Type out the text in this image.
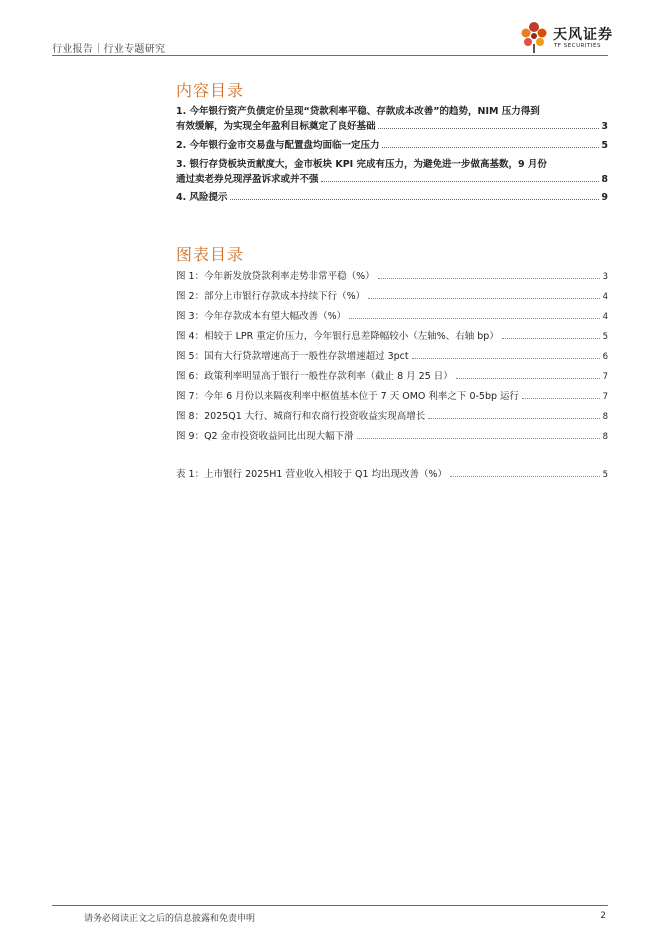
行业报告｜行业专题研究
天风证券
TF SECURITIES
内容目录
1. 今年银行资产负债定价呈现“贷款利率平稳、存款成本改善”的趋势，NIM 压力得到
有效缓解，为实现全年盈利目标奠定了良好基础	3
2. 今年银行金市交易盘与配置盘均面临一定压力	5
3. 银行存贷板块贡献度大，金市板块 KPI 完成有压力，为避免进一步做高基数，9 月份
通过卖老券兑现浮盈诉求或并不强	8
4. 风险提示	9
图表目录
图 1：今年新发放贷款利率走势非常平稳（%）	3
图 2：部分上市银行存款成本持续下行（%）	4
图 3：今年存款成本有望大幅改善（%）	4
图 4：相较于 LPR 重定价压力，今年银行息差降幅较小（左轴%、右轴 bp）	5
图 5：国有大行贷款增速高于一般性存款增速超过 3pct	6
图 6：政策利率明显高于银行一般性存款利率（截止 8 月 25 日）	7
图 7：今年 6 月份以来隔夜利率中枢值基本位于 7 天 OMO 利率之下 0-5bp 运行	7
图 8：2025Q1 大行、城商行和农商行投资收益实现高增长	8
图 9：Q2 金市投资收益同比出现大幅下滑	8
表 1：上市银行 2025H1 营业收入相较于 Q1 均出现改善（%）	5
请务必阅读正文之后的信息披露和免责申明	2
